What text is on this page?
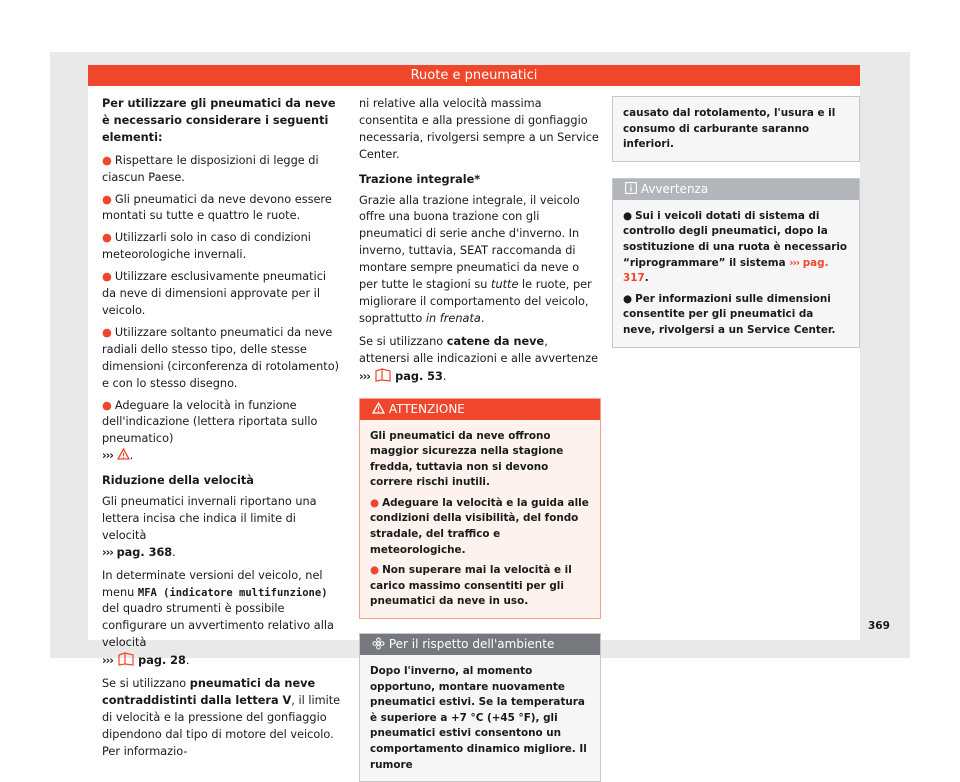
Ruote e pneumatici

Per utilizzare gli pneumatici da neve è necessario considerare i seguenti elementi:

● Rispettare le disposizioni di legge di ciascun Paese.

● Gli pneumatici da neve devono essere montati su tutte e quattro le ruote.

● Utilizzarli solo in caso di condizioni meteorologiche invernali.

● Utilizzare esclusivamente pneumatici da neve di dimensioni approvate per il veicolo.

● Utilizzare soltanto pneumatici da neve radiali dello stesso tipo, delle stesse dimensioni (circonferenza di rotolamento) e con lo stesso disegno.

● Adeguare la velocità in funzione dell'indicazione (lettera riportata sullo pneumatico)
››› .

Riduzione della velocità

Gli pneumatici invernali riportano una lettera incisa che indica il limite di velocità
››› pag. 368.

In determinate versioni del veicolo, nel menu MFA (indicatore multifunzione) del quadro strumenti è possibile configurare un avvertimento relativo alla velocità
››› pag. 28.

Se si utilizzano pneumatici da neve contraddistinti dalla lettera V, il limite di velocità e la pressione del gonfiaggio dipendono dal tipo di motore del veicolo. Per informazio-

ni relative alla velocità massima consentita e alla pressione di gonfiaggio necessaria, rivolgersi sempre a un Service Center.

Trazione integrale*

Grazie alla trazione integrale, il veicolo offre una buona trazione con gli pneumatici di serie anche d'inverno. In inverno, tuttavia, SEAT raccomanda di montare sempre pneumatici da neve o per tutte le stagioni su tutte le ruote, per migliorare il comportamento del veicolo, soprattutto in frenata.

Se si utilizzano catene da neve, attenersi alle indicazioni e alle avvertenze ››› pag. 53.

ATTENZIONE

Gli pneumatici da neve offrono maggior sicurezza nella stagione fredda, tuttavia non si devono correre rischi inutili.

● Adeguare la velocità e la guida alle condizioni della visibilità, del fondo stradale, del traffico e meteorologiche.

● Non superare mai la velocità e il carico massimo consentiti per gli pneumatici da neve in uso.

Per il rispetto dell'ambiente

Dopo l'inverno, al momento opportuno, montare nuovamente pneumatici estivi. Se la temperatura è superiore a +7 °C (+45 °F), gli pneumatici estivi consentono un comportamento dinamico migliore. Il rumore

causato dal rotolamento, l'usura e il consumo di carburante saranno inferiori.

Avvertenza

● Sui i veicoli dotati di sistema di controllo degli pneumatici, dopo la sostituzione di una ruota è necessario “riprogrammare” il sistema ››› pag. 317.

● Per informazioni sulle dimensioni consentite per gli pneumatici da neve, rivolgersi a un Service Center.

369
